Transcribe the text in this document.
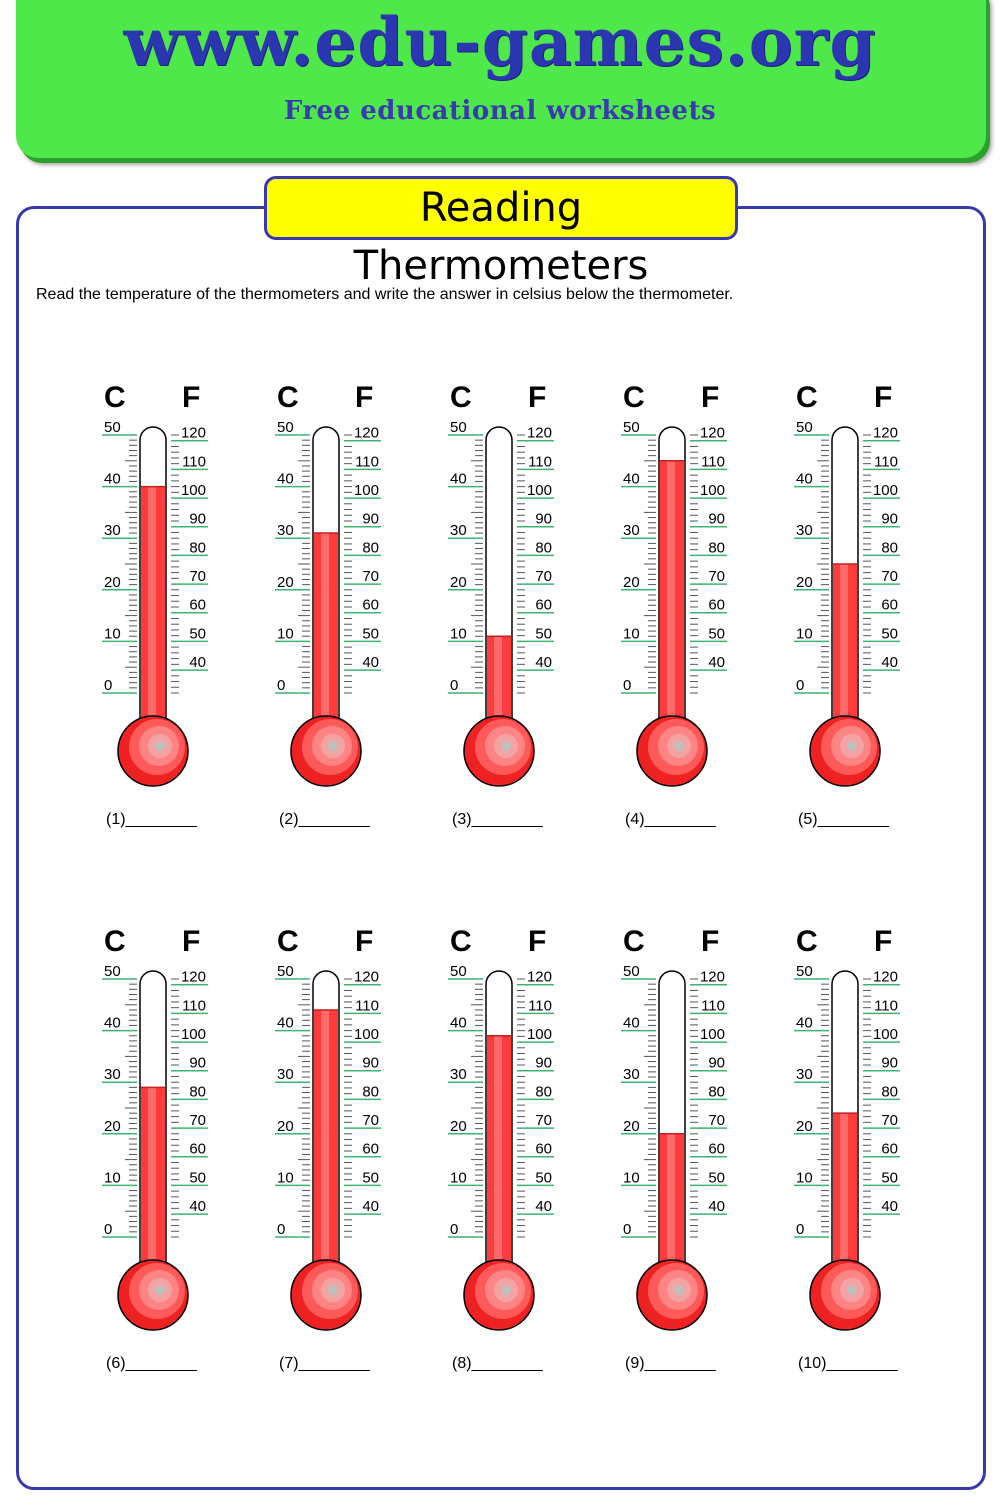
www.edu-games.org
Free educational worksheets
Reading Thermometers

Read the temperature of the thermometers and write the answer in celsius below the thermometer.

C F
50
40
30
20
10
0
120
110
100
90
80
70
60
50
40
(1)________
C F
50
40
30
20
10
0
120
110
100
90
80
70
60
50
40
(2)________
C F
50
40
30
20
10
0
120
110
100
90
80
70
60
50
40
(3)________
C F
50
40
30
20
10
0
120
110
100
90
80
70
60
50
40
(4)________
C F
50
40
30
20
10
0
120
110
100
90
80
70
60
50
40
(5)________
C F
50
40
30
20
10
0
120
110
100
90
80
70
60
50
40
(6)________
C F
50
40
30
20
10
0
120
110
100
90
80
70
60
50
40
(7)________
C F
50
40
30
20
10
0
120
110
100
90
80
70
60
50
40
(8)________
C F
50
40
30
20
10
0
120
110
100
90
80
70
60
50
40
(9)________
C F
50
40
30
20
10
0
120
110
100
90
80
70
60
50
40
(10)________
